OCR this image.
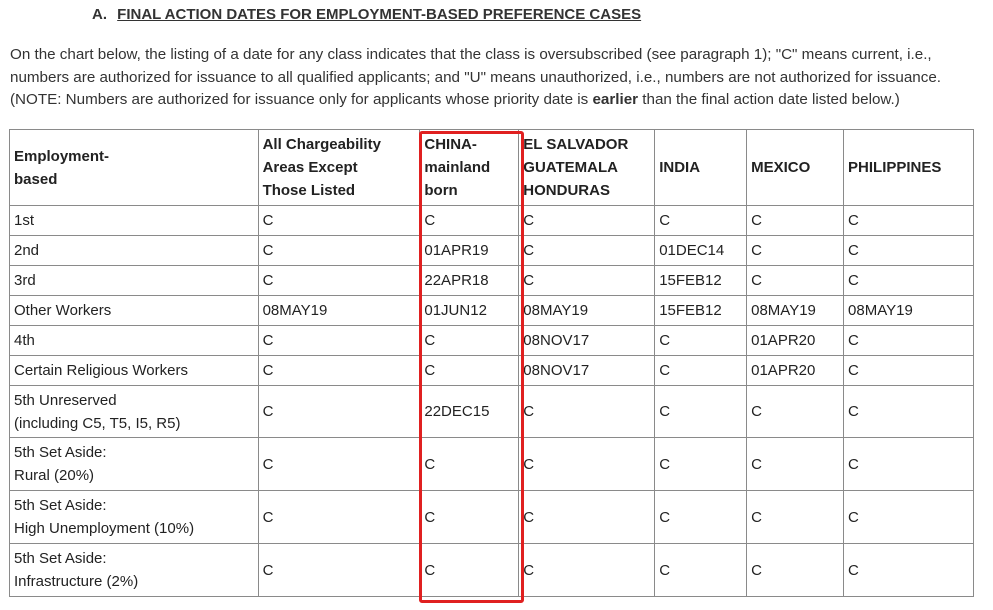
A. FINAL ACTION DATES FOR EMPLOYMENT-BASED PREFERENCE CASES

On the chart below, the listing of a date for any class indicates that the class is oversubscribed (see paragraph 1); "C" means current, i.e., numbers are authorized for issuance to all qualified applicants; and "U" means unauthorized, i.e., numbers are not authorized for issuance. (NOTE: Numbers are authorized for issuance only for applicants whose priority date is earlier than the final action date listed below.)

Employment-
based	All Chargeability
Areas Except
Those Listed	CHINA-
mainland
born	EL SALVADOR
GUATEMALA
HONDURAS	INDIA	MEXICO	PHILIPPINES
1st	C	C	C	C	C	C
2nd	C	01APR19	C	01DEC14	C	C
3rd	C	22APR18	C	15FEB12	C	C
Other Workers	08MAY19	01JUN12	08MAY19	15FEB12	08MAY19	08MAY19
4th	C	C	08NOV17	C	01APR20	C
Certain Religious Workers	C	C	08NOV17	C	01APR20	C
5th Unreserved
(including C5, T5, I5, R5)	C	22DEC15	C	C	C	C
5th Set Aside:
Rural (20%)	C	C	C	C	C	C
5th Set Aside:
High Unemployment (10%)	C	C	C	C	C	C
5th Set Aside:
Infrastructure (2%)	C	C	C	C	C	C
